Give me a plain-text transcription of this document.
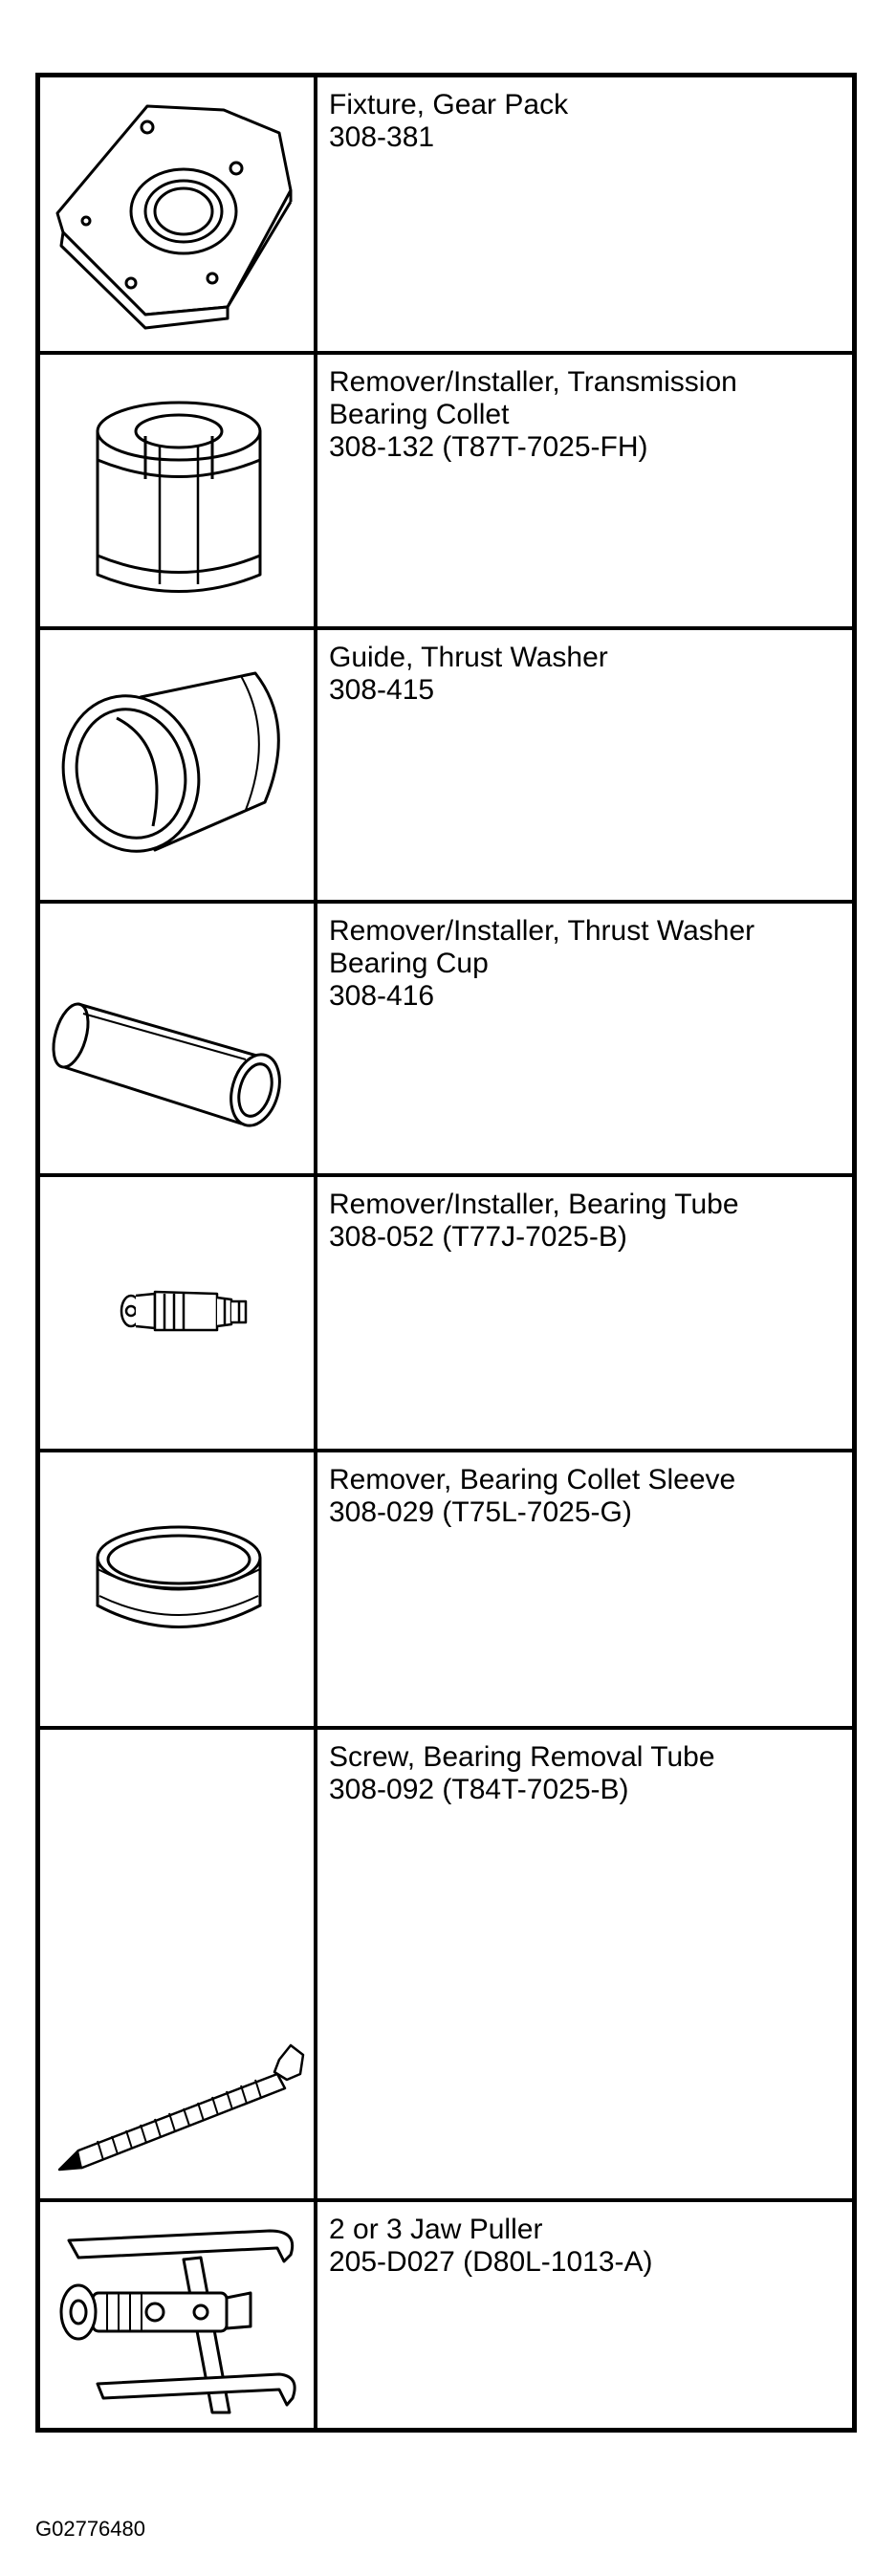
Fixture, Gear Pack
308-381

Remover/Installer, Transmission
Bearing Collet
308-132 (T87T-7025-FH)

Guide, Thrust Washer
308-415

Remover/Installer, Thrust Washer
Bearing Cup
308-416

Remover/Installer, Bearing Tube
308-052 (T77J-7025-B)

Remover, Bearing Collet Sleeve
308-029 (T75L-7025-G)

Screw, Bearing Removal Tube
308-092 (T84T-7025-B)

2 or 3 Jaw Puller
205-D027 (D80L-1013-A)
G02776480
